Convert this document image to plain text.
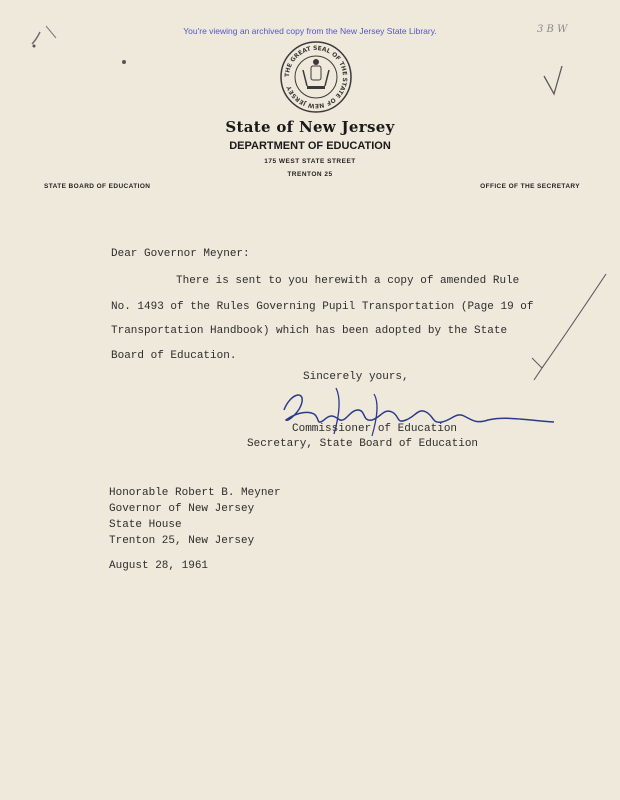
You're viewing an archived copy from the New Jersey State Library.	3 B W
THE GREAT SEAL OF THE STATE OF NEW JERSEY
State of New Jersey
DEPARTMENT OF EDUCATION
175 WEST STATE STREET
TRENTON 25
STATE BOARD OF EDUCATION	OFFICE OF THE SECRETARY
Dear Governor Meyner:
There is sent to you herewith a copy of amended Rule
No. 1493 of the Rules Governing Pupil Transportation (Page 19 of
Transportation Handbook) which has been adopted by the State
Board of Education.
Sincerely yours,
Commissioner of Education
Secretary, State Board of Education
Honorable Robert B. Meyner
Governor of New Jersey
State House
Trenton 25, New Jersey
August 28, 1961
